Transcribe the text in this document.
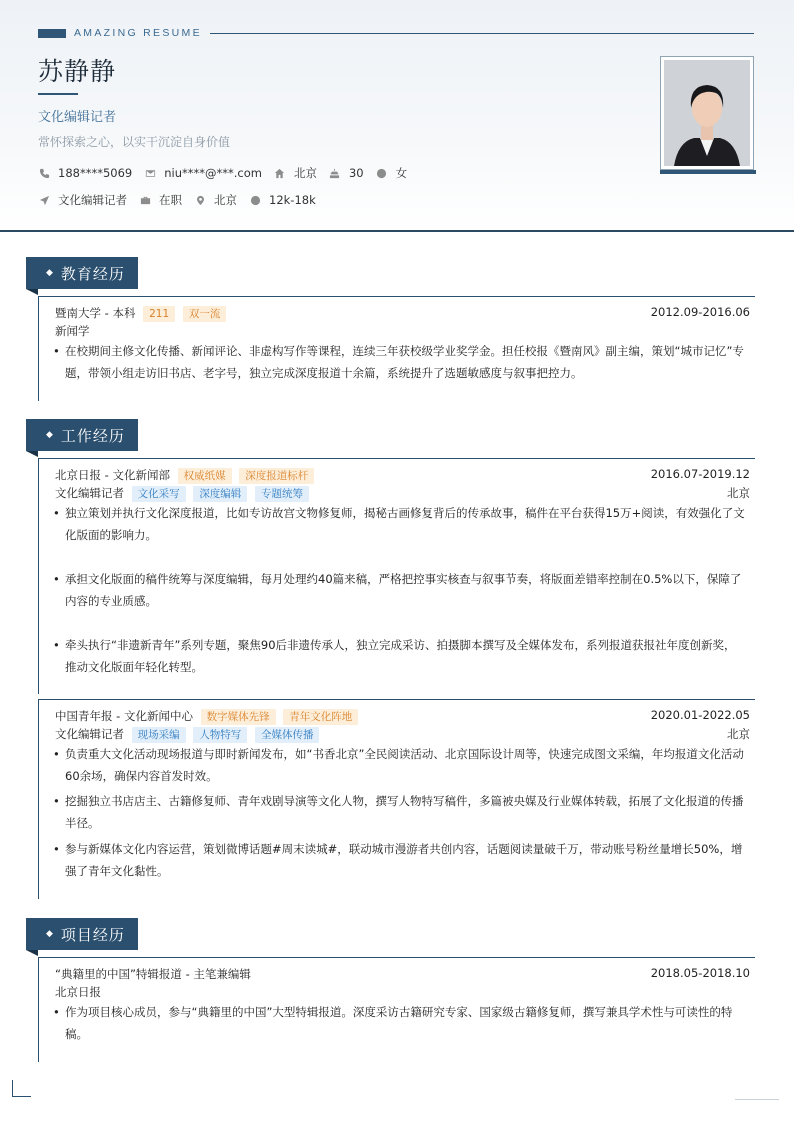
AMAZING RESUME
苏静静
文化编辑记者
常怀探索之心，以实干沉淀自身价值
188****5069	niu****@***.com	北京	30	女
文化编辑记者	在职	北京	12k-18k
◆ 教育经历
暨南大学 - 本科 211 双一流	2012.09-2016.06
新闻学
• 在校期间主修文化传播、新闻评论、非虚构写作等课程，连续三年获校级学业奖学金。担任校报《暨南风》副主编，策划“城市记忆”专题，带领小组走访旧书店、老字号，独立完成深度报道十余篇，系统提升了选题敏感度与叙事把控力。
◆ 工作经历
北京日报 - 文化新闻部 权威纸媒 深度报道标杆	2016.07-2019.12
文化编辑记者 文化采写 深度编辑 专题统筹	北京
• 独立策划并执行文化深度报道，比如专访故宫文物修复师，揭秘古画修复背后的传承故事，稿件在平台获得15万+阅读，有效强化了文化版面的影响力。
• 承担文化版面的稿件统筹与深度编辑，每月处理约40篇来稿，严格把控事实核查与叙事节奏，将版面差错率控制在0.5%以下，保障了内容的专业质感。
• 牵头执行“非遗新青年”系列专题，聚焦90后非遗传承人，独立完成采访、拍摄脚本撰写及全媒体发布，系列报道获报社年度创新奖，推动文化版面年轻化转型。
中国青年报 - 文化新闻中心 数字媒体先锋 青年文化阵地	2020.01-2022.05
文化编辑记者 现场采编 人物特写 全媒体传播	北京
• 负责重大文化活动现场报道与即时新闻发布，如“书香北京”全民阅读活动、北京国际设计周等，快速完成图文采编，年均报道文化活动60余场，确保内容首发时效。
• 挖掘独立书店店主、古籍修复师、青年戏剧导演等文化人物，撰写人物特写稿件，多篇被央媒及行业媒体转载，拓展了文化报道的传播半径。
• 参与新媒体文化内容运营，策划微博话题#周末读城#，联动城市漫游者共创内容，话题阅读量破千万，带动账号粉丝量增长50%，增强了青年文化黏性。
◆ 项目经历
“典籍里的中国”特辑报道 - 主笔兼编辑	2018.05-2018.10
北京日报
• 作为项目核心成员，参与“典籍里的中国”大型特辑报道。深度采访古籍研究专家、国家级古籍修复师，撰写兼具学术性与可读性的特稿。
